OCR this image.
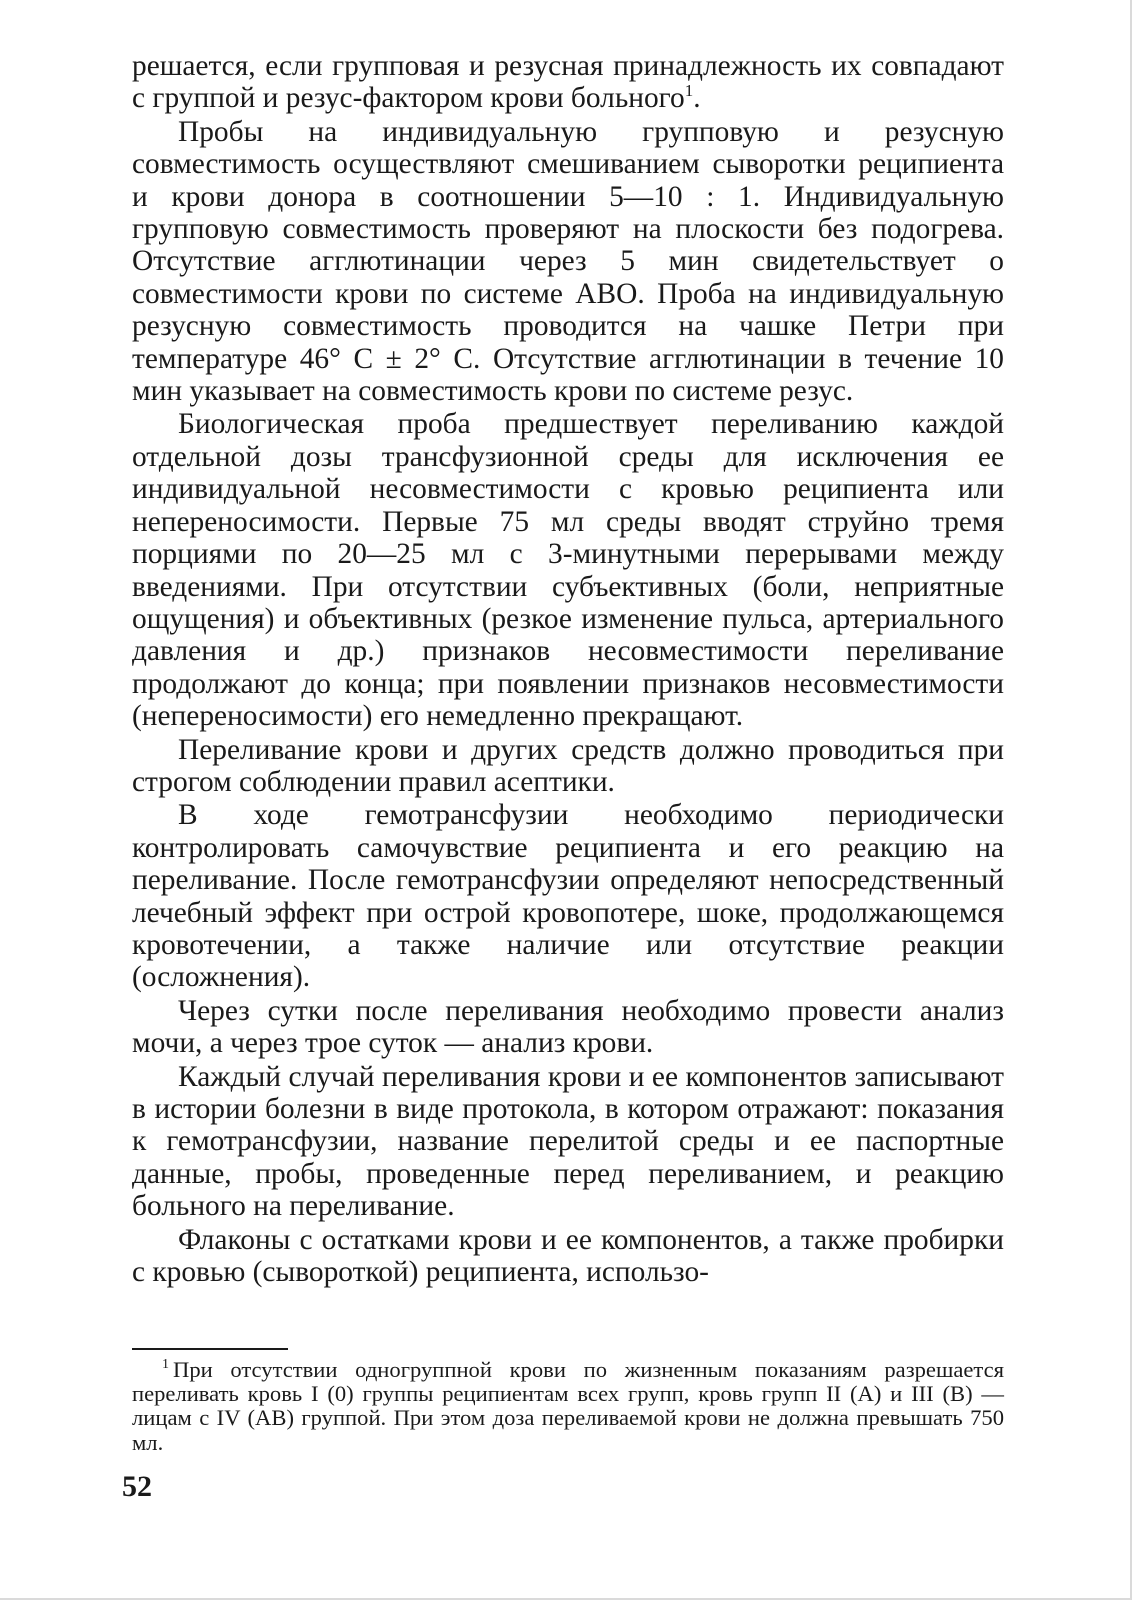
решается, если групповая и резусная принадлежность их совпадают с группой и резус-фактором крови больного$^1$.

Пробы на индивидуальную групповую и резусную совместимость осуществляют смешиванием сыворотки реципиента и крови донора в соотношении 5—10 : 1. Индивидуальную групповую совместимость проверяют на плоскости без подогрева. Отсутствие агглютинации через 5 мин свидетельствует о совместимости крови по системе АВО. Проба на индивидуальную резусную совместимость проводится на чашке Петри при температуре 46° С ± 2° С. Отсутствие агглютинации в течение 10 мин указывает на совместимость крови по системе резус.

Биологическая проба предшествует переливанию каждой отдельной дозы трансфузионной среды для исключения ее индивидуальной несовместимости с кровью реципиента или непереносимости. Первые 75 мл среды вводят струйно тремя порциями по 20—25 мл с 3-минутными перерывами между введениями. При отсутствии субъективных (боли, неприятные ощущения) и объективных (резкое изменение пульса, артериального давления и др.) признаков несовместимости переливание продолжают до конца; при появлении признаков несовместимости (непереносимости) его немедленно прекращают.

Переливание крови и других средств должно проводиться при строгом соблюдении правил асептики.

В ходе гемотрансфузии необходимо периодически контролировать самочувствие реципиента и его реакцию на переливание. После гемотрансфузии определяют непосредственный лечебный эффект при острой кровопотере, шоке, продолжающемся кровотечении, а также наличие или отсутствие реакции (осложнения).

Через сутки после переливания необходимо провести анализ мочи, а через трое суток — анализ крови.

Каждый случай переливания крови и ее компонентов записывают в истории болезни в виде протокола, в котором отражают: показания к гемотрансфузии, название перелитой среды и ее паспортные данные, пробы, проведенные перед переливанием, и реакцию больного на переливание.

Флаконы с остатками крови и ее компонентов, а также пробирки с кровью (сывороткой) реципиента, использо-

$^1$ При отсутствии одногруппной крови по жизненным показаниям разрешается переливать кровь I (0) группы реципиентам всех групп, кровь групп II (А) и III (В) — лицам с IV (АВ) группой. При этом доза переливаемой крови не должна превышать 750 мл.
52
